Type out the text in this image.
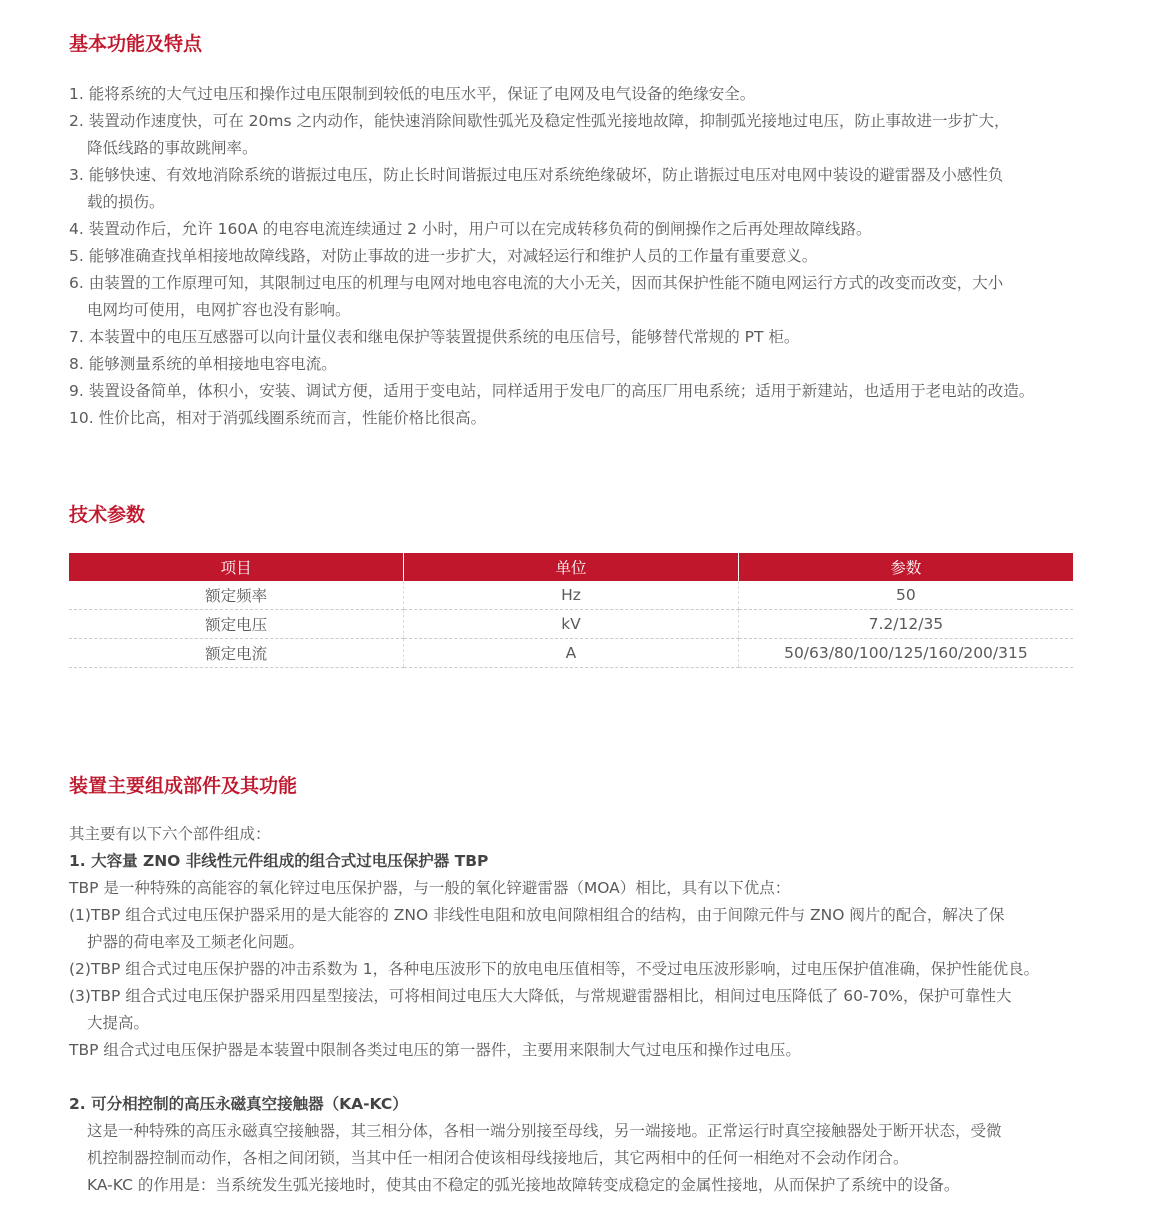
基本功能及特点
1. 能将系统的大气过电压和操作过电压限制到较低的电压水平，保证了电网及电气设备的绝缘安全。
2. 装置动作速度快，可在 20ms 之内动作，能快速消除间歇性弧光及稳定性弧光接地故障，抑制弧光接地过电压，防止事故进一步扩大，
降低线路的事故跳闸率。
3. 能够快速、有效地消除系统的谐振过电压，防止长时间谐振过电压对系统绝缘破坏，防止谐振过电压对电网中装设的避雷器及小感性负
载的损伤。
4. 装置动作后，允许 160A 的电容电流连续通过 2 小时，用户可以在完成转移负荷的倒闸操作之后再处理故障线路。
5. 能够准确查找单相接地故障线路，对防止事故的进一步扩大，对减轻运行和维护人员的工作量有重要意义。
6. 由装置的工作原理可知，其限制过电压的机理与电网对地电容电流的大小无关，因而其保护性能不随电网运行方式的改变而改变，大小
电网均可使用，电网扩容也没有影响。
7. 本装置中的电压互感器可以向计量仪表和继电保护等装置提供系统的电压信号，能够替代常规的 PT 柜。
8. 能够测量系统的单相接地电容电流。
9. 装置设备简单，体积小，安装、调试方便，适用于变电站，同样适用于发电厂的高压厂用电系统；适用于新建站，也适用于老电站的改造。
10. 性价比高，相对于消弧线圈系统而言，性能价格比很高。
技术参数
项目	单位	参数
额定频率	Hz	50
额定电压	kV	7.2/12/35
额定电流	A	50/63/80/100/125/160/200/315
装置主要组成部件及其功能
其主要有以下六个部件组成：
1. 大容量 ZNO 非线性元件组成的组合式过电压保护器 TBP
TBP 是一种特殊的高能容的氧化锌过电压保护器，与一般的氧化锌避雷器（MOA）相比，具有以下优点：
(1)TBP 组合式过电压保护器采用的是大能容的 ZNO 非线性电阻和放电间隙相组合的结构，由于间隙元件与 ZNO 阀片的配合，解决了保
护器的荷电率及工频老化问题。
(2)TBP 组合式过电压保护器的冲击系数为 1，各种电压波形下的放电电压值相等，不受过电压波形影响，过电压保护值准确，保护性能优良。
(3)TBP 组合式过电压保护器采用四星型接法，可将相间过电压大大降低，与常规避雷器相比，相间过电压降低了 60-70%，保护可靠性大
大提高。
TBP 组合式过电压保护器是本装置中限制各类过电压的第一器件，主要用来限制大气过电压和操作过电压。
2. 可分相控制的高压永磁真空接触器（KA-KC）
这是一种特殊的高压永磁真空接触器，其三相分体，各相一端分别接至母线，另一端接地。正常运行时真空接触器处于断开状态，受微
机控制器控制而动作，各相之间闭锁，当其中任一相闭合使该相母线接地后，其它两相中的任何一相绝对不会动作闭合。
KA-KC 的作用是：当系统发生弧光接地时，使其由不稳定的弧光接地故障转变成稳定的金属性接地，从而保护了系统中的设备。
